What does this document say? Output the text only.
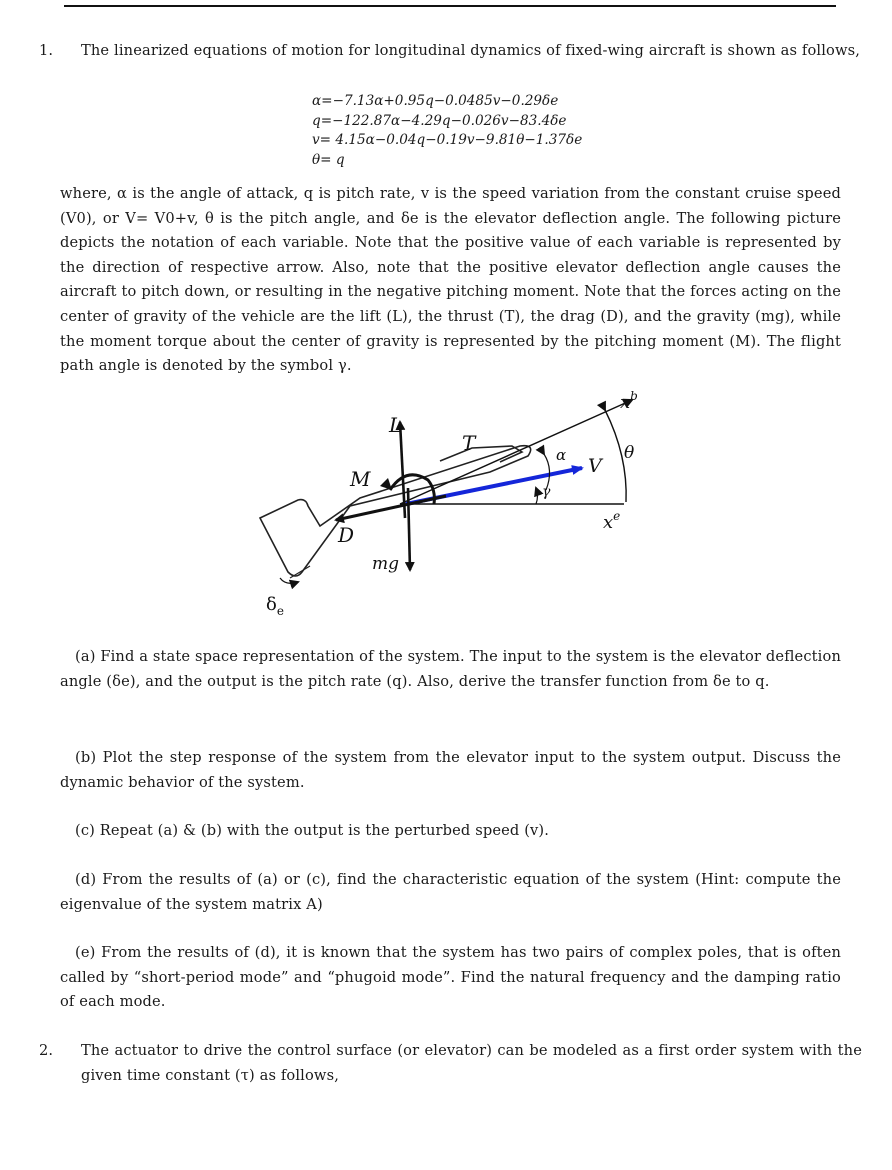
1. The linearized equations of motion for longitudinal dynamics of fixed-wing aircraft is shown as follows,
α=−7.13α+0.95q−0.0485v−0.29δe
q=−122.87α−4.29q−0.026v−83.4δe
v= 4.15α−0.04q−0.19v−9.81θ−1.37δe
θ= q
where, α is the angle of attack, q is pitch rate, v is the speed variation from the constant cruise speed (V0), or V= V0+v, θ is the pitch angle, and δe is the elevator deflection angle. The following picture depicts the notation of each variable. Note that the positive value of each variable is represented by the direction of respective arrow. Also, note that the positive elevator deflection angle causes the aircraft to pitch down, or resulting in the negative pitching moment. Note that the forces acting on the center of gravity of the vehicle are the lift (L), the thrust (T), the drag (D), and the gravity (mg), while the moment torque about the center of gravity is represented by the pitching moment (M). The flight path angle is denoted by the symbol γ.
L
T
M
D
mg
V
α
γ
θ
$x^b$
$x^e$
$\delta_e$
(a) Find a state space representation of the system. The input to the system is the elevator deflection angle (δe), and the output is the pitch rate (q). Also, derive the transfer function from δe to q.
(b) Plot the step response of the system from the elevator input to the system output. Discuss the dynamic behavior of the system.
(c) Repeat (a) & (b) with the output is the perturbed speed (v).
(d) From the results of (a) or (c), find the characteristic equation of the system (Hint: compute the eigenvalue of the system matrix A)
(e) From the results of (d), it is known that the system has two pairs of complex poles, that is often called by “short-period mode” and “phugoid mode”. Find the natural frequency and the damping ratio of each mode.
2. The actuator to drive the control surface (or elevator) can be modeled as a first order system with the given time constant (τ) as follows,
